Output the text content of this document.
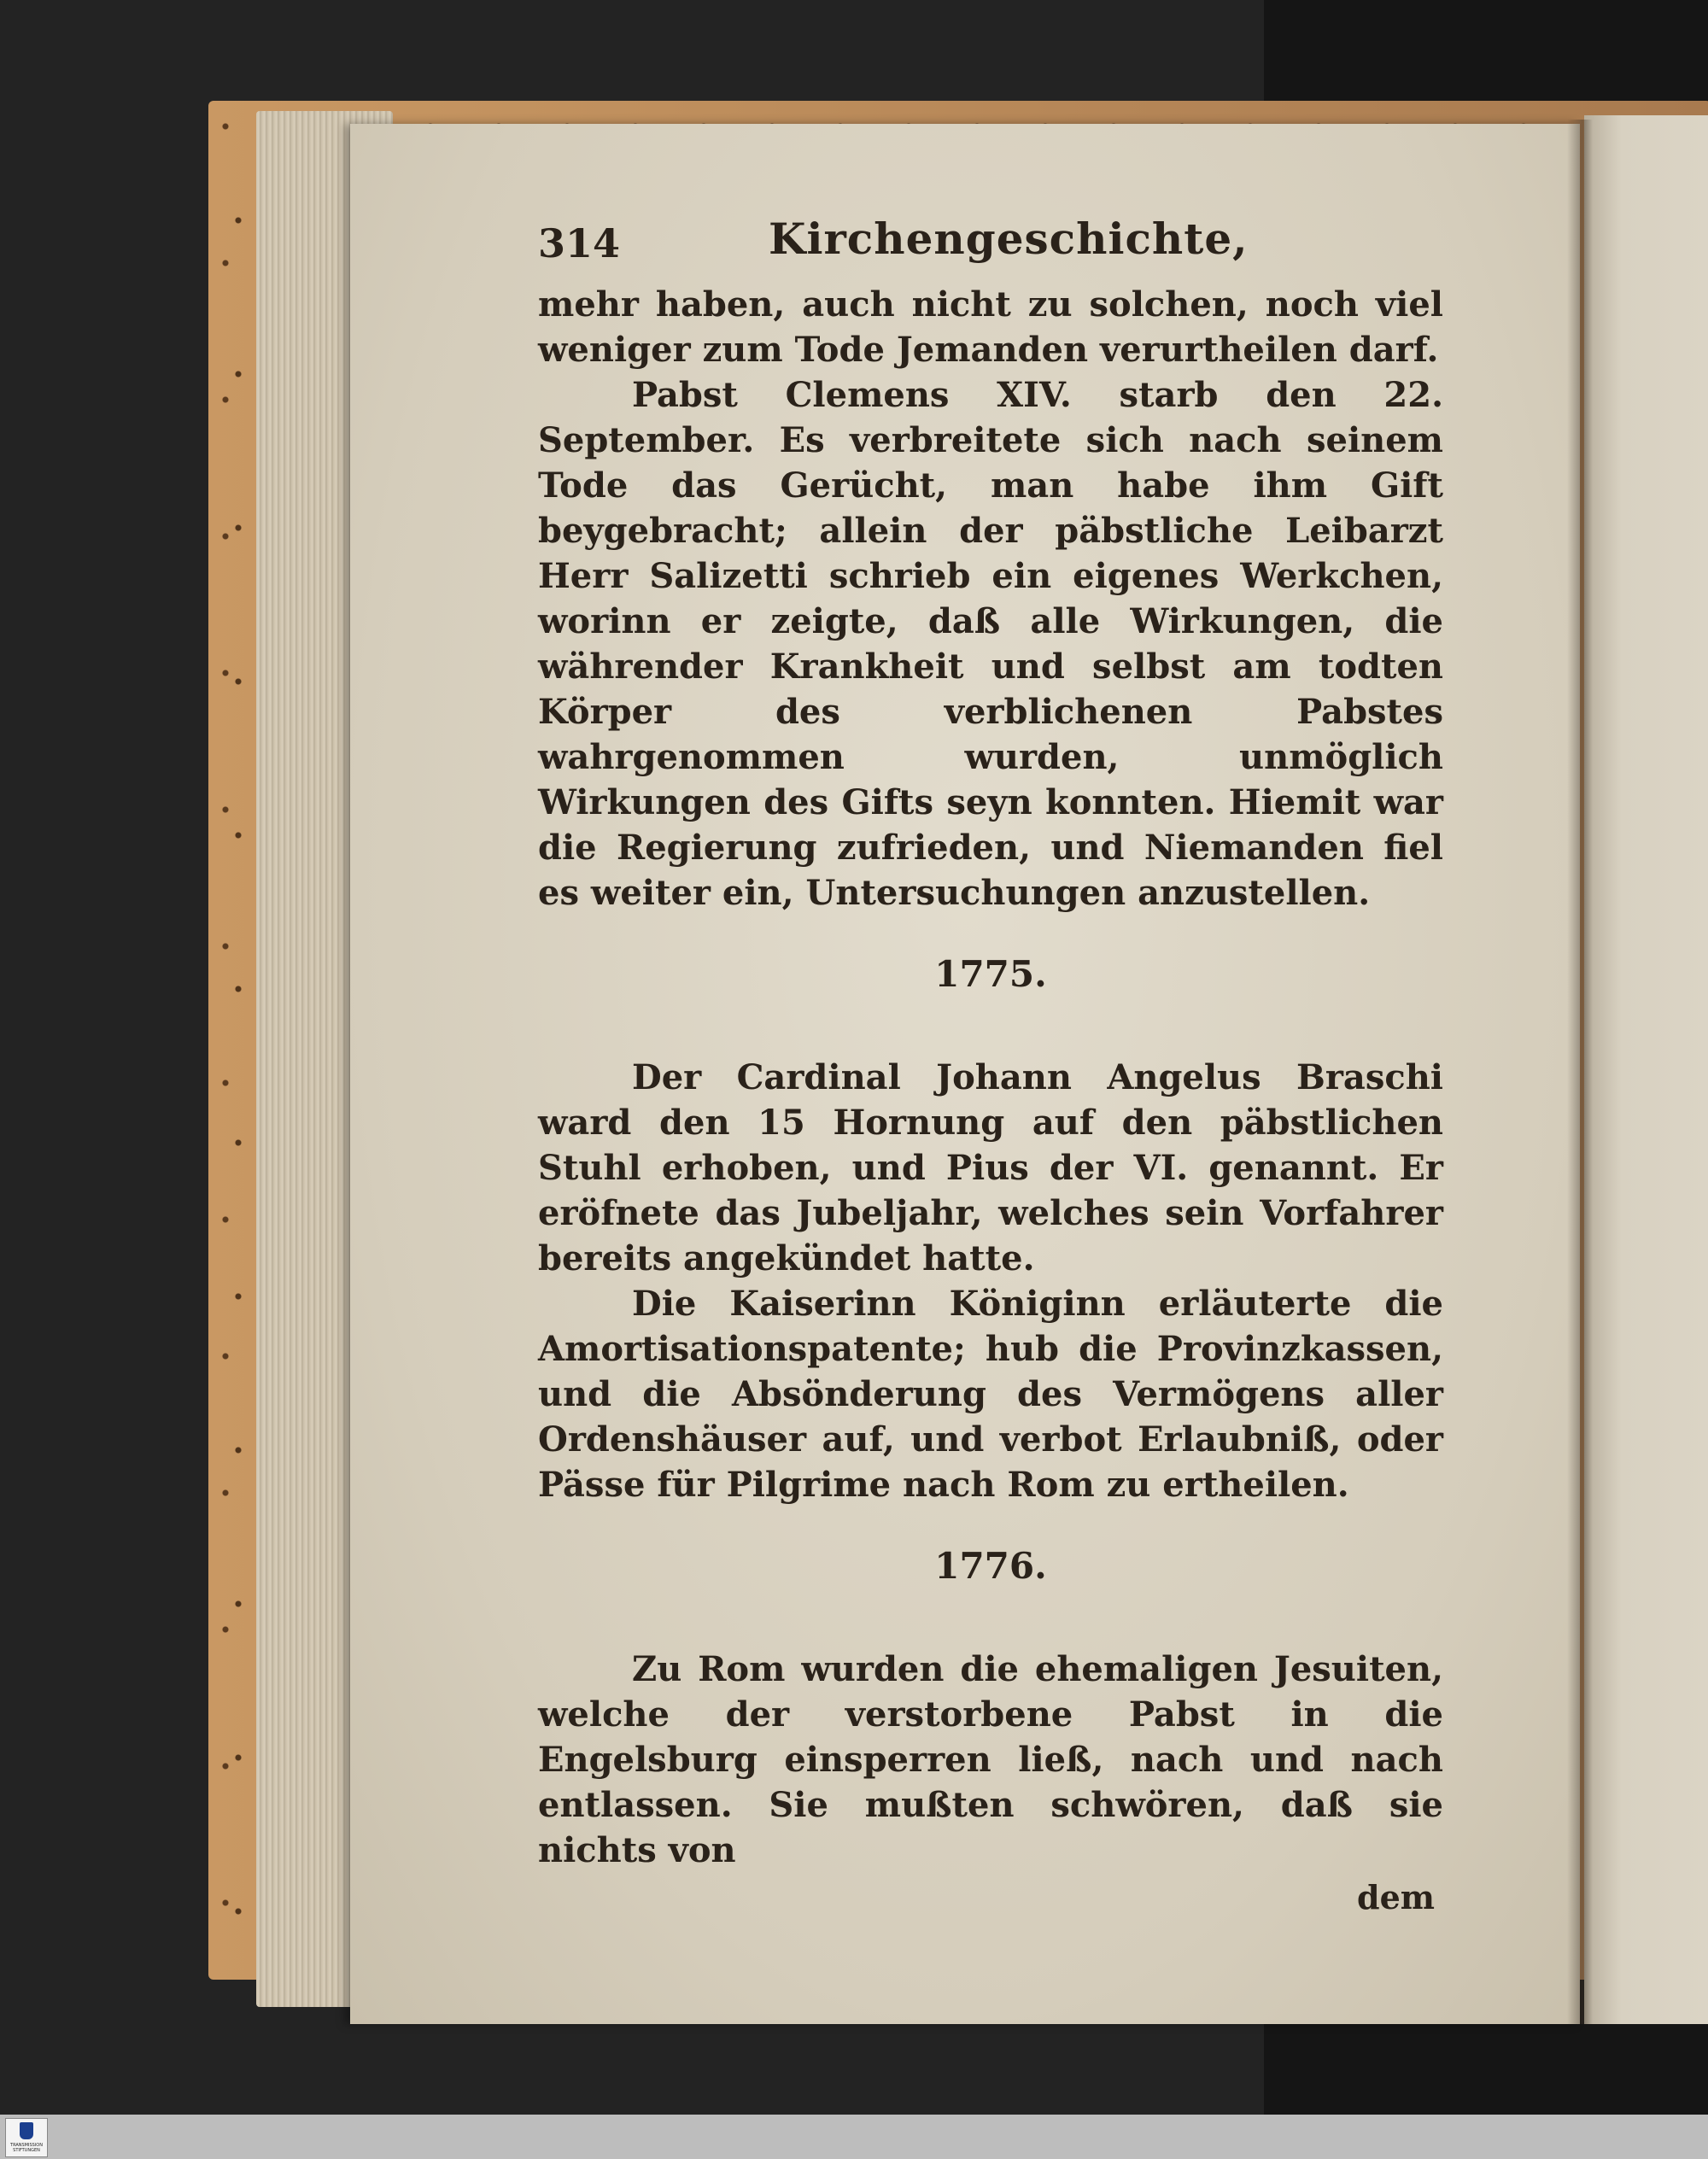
314	Kirchengeschichte,

mehr haben, auch nicht zu solchen, noch viel weniger zum Tode Jemanden verurtheilen darf.

Pabst Clemens XIV. starb den 22. September. Es verbreitete sich nach seinem Tode das Gerücht, man habe ihm Gift beygebracht; allein der päbstliche Leibarzt Herr Salizetti schrieb ein eigenes Werkchen, worinn er zeigte, daß alle Wirkungen, die währender Krankheit und selbst am todten Körper des verblichenen Pabstes wahrgenommen wurden, unmöglich Wirkungen des Gifts seyn konnten. Hiemit war die Regierung zufrieden, und Niemanden fiel es weiter ein, Untersuchungen anzustellen.

1775.

Der Cardinal Johann Angelus Braschi ward den 15 Hornung auf den päbstlichen Stuhl erhoben, und Pius der VI. genannt. Er eröfnete das Jubeljahr, welches sein Vorfahrer bereits angekündet hatte.

Die Kaiserinn Königinn erläuterte die Amortisationspatente; hub die Provinzkassen, und die Absönderung des Vermögens aller Ordenshäuser auf, und verbot Erlaubniß, oder Pässe für Pilgrime nach Rom zu ertheilen.

1776.

Zu Rom wurden die ehemaligen Jesuiten, welche der verstorbene Pabst in die Engelsburg einsperren ließ, nach und nach entlassen. Sie mußten schwören, daß sie nichts von

dem
TRANSMISSION STIFTUNGEN
